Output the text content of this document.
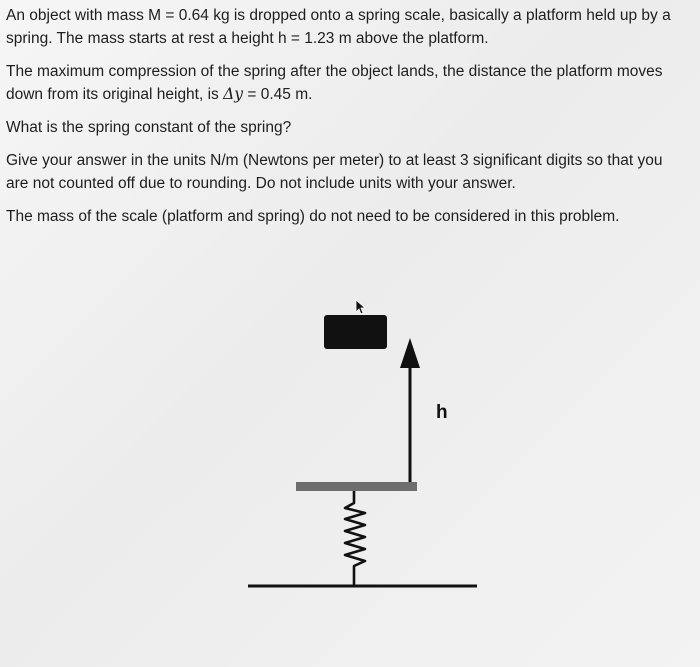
An object with mass M = 0.64 kg is dropped onto a spring scale, basically a platform held up by a
spring. The mass starts at rest a height h = 1.23 m above the platform.

The maximum compression of the spring after the object lands, the distance the platform moves
down from its original height, is Δy = 0.45 m.

What is the spring constant of the spring?

Give your answer in the units N/m (Newtons per meter) to at least 3 significant digits so that you
are not counted off due to rounding. Do not include units with your answer.

The mass of the scale (platform and spring) do not need to be considered in this problem.

h
